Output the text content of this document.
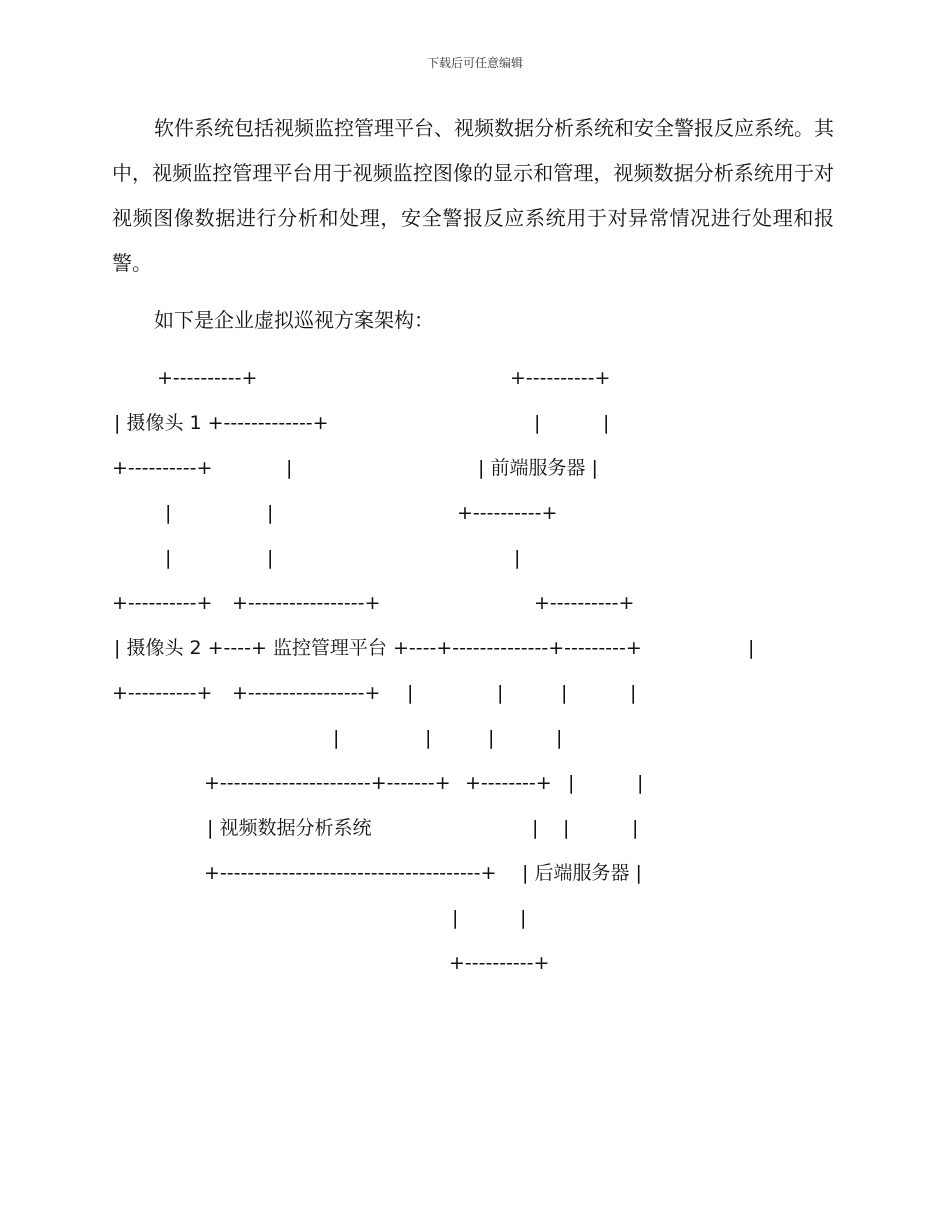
下载后可任意编辑

软件系统包括视频监控管理平台、视频数据分析系统和安全警报反应系统。其中，视频监控管理平台用于视频监控图像的显示和管理，视频数据分析系统用于对视频图像数据进行分析和处理，安全警报反应系统用于对异常情况进行处理和报警。

如下是企业虚拟巡视方案架构：

+----------+	+----------+
| 摄像头 1 +-------------+	|	|
+----------+	|	| 前端服务器 |
|	|	+----------+
|	|	|
+----------+ +-----------------+	+----------+
| 摄像头 2 +----+ 监控管理平台 +----+--------------+---------+	|
+----------+ +-----------------+ |	|	|	|
|	|	|	|
+----------------------+-------+ +--------+ |	|
| 视频数据分析系统	| |	|
+--------------------------------------+ | 后端服务器 |
|	|
+----------+
